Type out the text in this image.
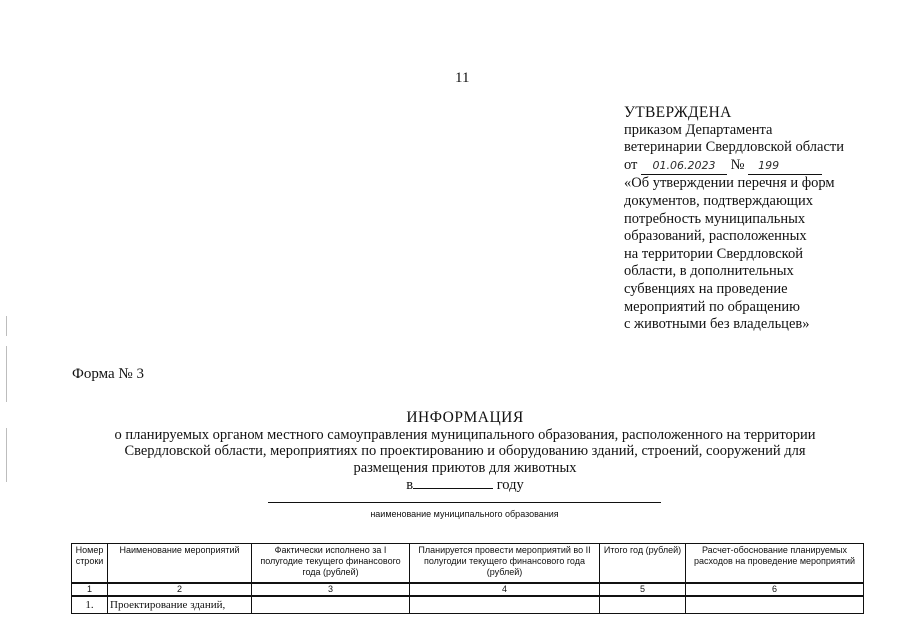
11
УТВЕРЖДЕНА
приказом Департамента
ветеринарии Свердловской области
от 01.06.2023 № 199
«Об утверждении перечня и форм
документов, подтверждающих
потребность муниципальных
образований, расположенных
на территории Свердловской
области, в дополнительных
субвенциях на проведение
мероприятий по обращению
с животными без владельцев»
Форма № 3
ИНФОРМАЦИЯ
о планируемых органом местного самоуправления муниципального образования, расположенного на территории
Свердловской области, мероприятиях по проектированию и оборудованию зданий, строений, сооружений для
размещения приютов для животных
в	году
наименование муниципального образования
Номер строки	Наименование мероприятий	Фактически исполнено за I полугодие текущего финансового года (рублей)	Планируется провести мероприятий во II полугодии текущего финансового года (рублей)	Итого год (рублей)	Расчет-обоснование планируемых расходов на проведение мероприятий
1	2	3	4	5	6
1.	Проектирование зданий,				
